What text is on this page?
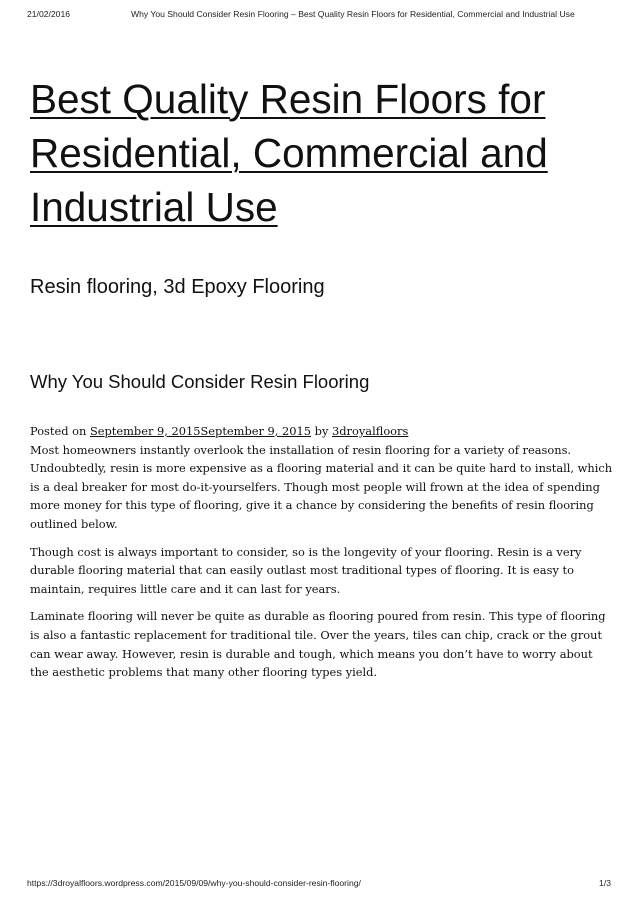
21/02/2016	Why You Should Consider Resin Flooring – Best Quality Resin Floors for Residential, Commercial and Industrial Use
Best Quality Resin Floors for Residential, Commercial and Industrial Use

Resin flooring, 3d Epoxy Flooring

Why You Should Consider Resin Flooring
Posted on September 9, 2015September 9, 2015 by 3droyalfloors

Most homeowners instantly overlook the installation of resin flooring for a variety of reasons. Undoubtedly, resin is more expensive as a flooring material and it can be quite hard to install, which is a deal breaker for most do-it-yourselfers. Though most people will frown at the idea of spending more money for this type of flooring, give it a chance by considering the benefits of resin flooring outlined below.

Though cost is always important to consider, so is the longevity of your flooring. Resin is a very durable flooring material that can easily outlast most traditional types of flooring. It is easy to maintain, requires little care and it can last for years.

Laminate flooring will never be quite as durable as flooring poured from resin. This type of flooring is also a fantastic replacement for traditional tile. Over the years, tiles can chip, crack or the grout can wear away. However, resin is durable and tough, which means you don’t have to worry about the aesthetic problems that many other flooring types yield.

https://3droyalfloors.wordpress.com/2015/09/09/why-you-should-consider-resin-flooring/	1/3
